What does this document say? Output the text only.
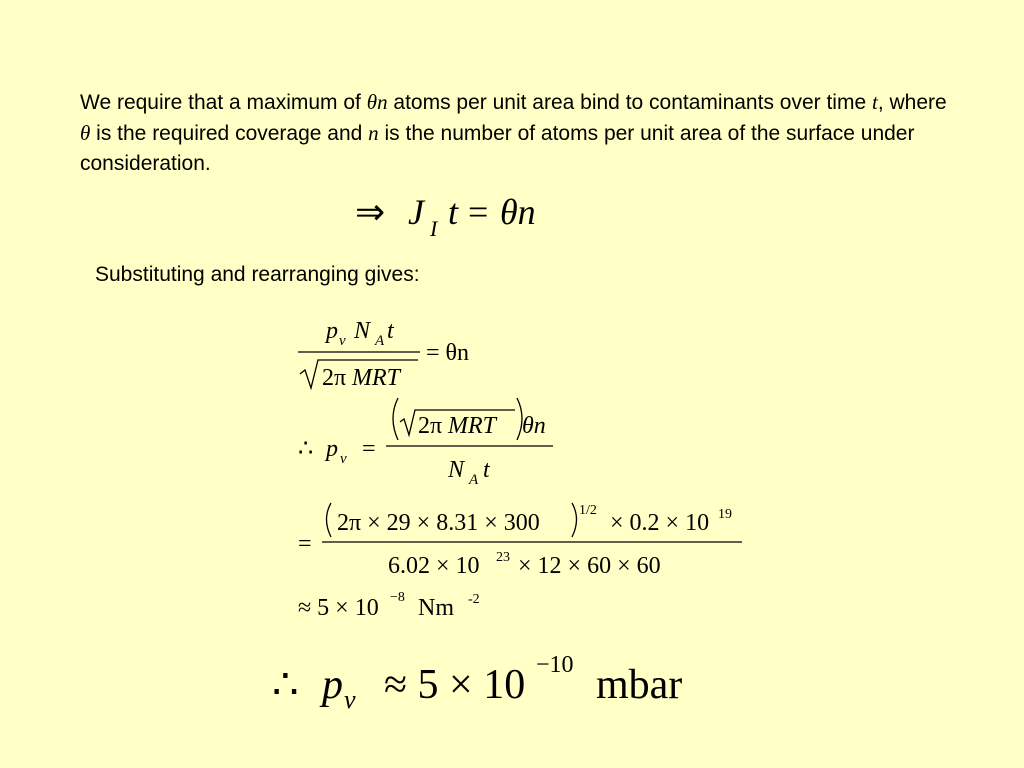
We require that a maximum of θn atoms per unit area bind to contaminants over time t, where θ is the required coverage and n is the number of atoms per unit area of the surface under consideration.
Substituting and rearranging gives:
⇒ J I t = θn
p ν N A t
2π MRT
= θn
∴ p ν =
2π MRT θn
N A t
=
2π × 29 × 8.31 × 300	1/2 × 0.2 × 10 19
6.02 × 10 23 × 12 × 60 × 60
≈ 5 × 10 −8 Nm -2
∴ p ν ≈ 5 × 10 −10 mbar
